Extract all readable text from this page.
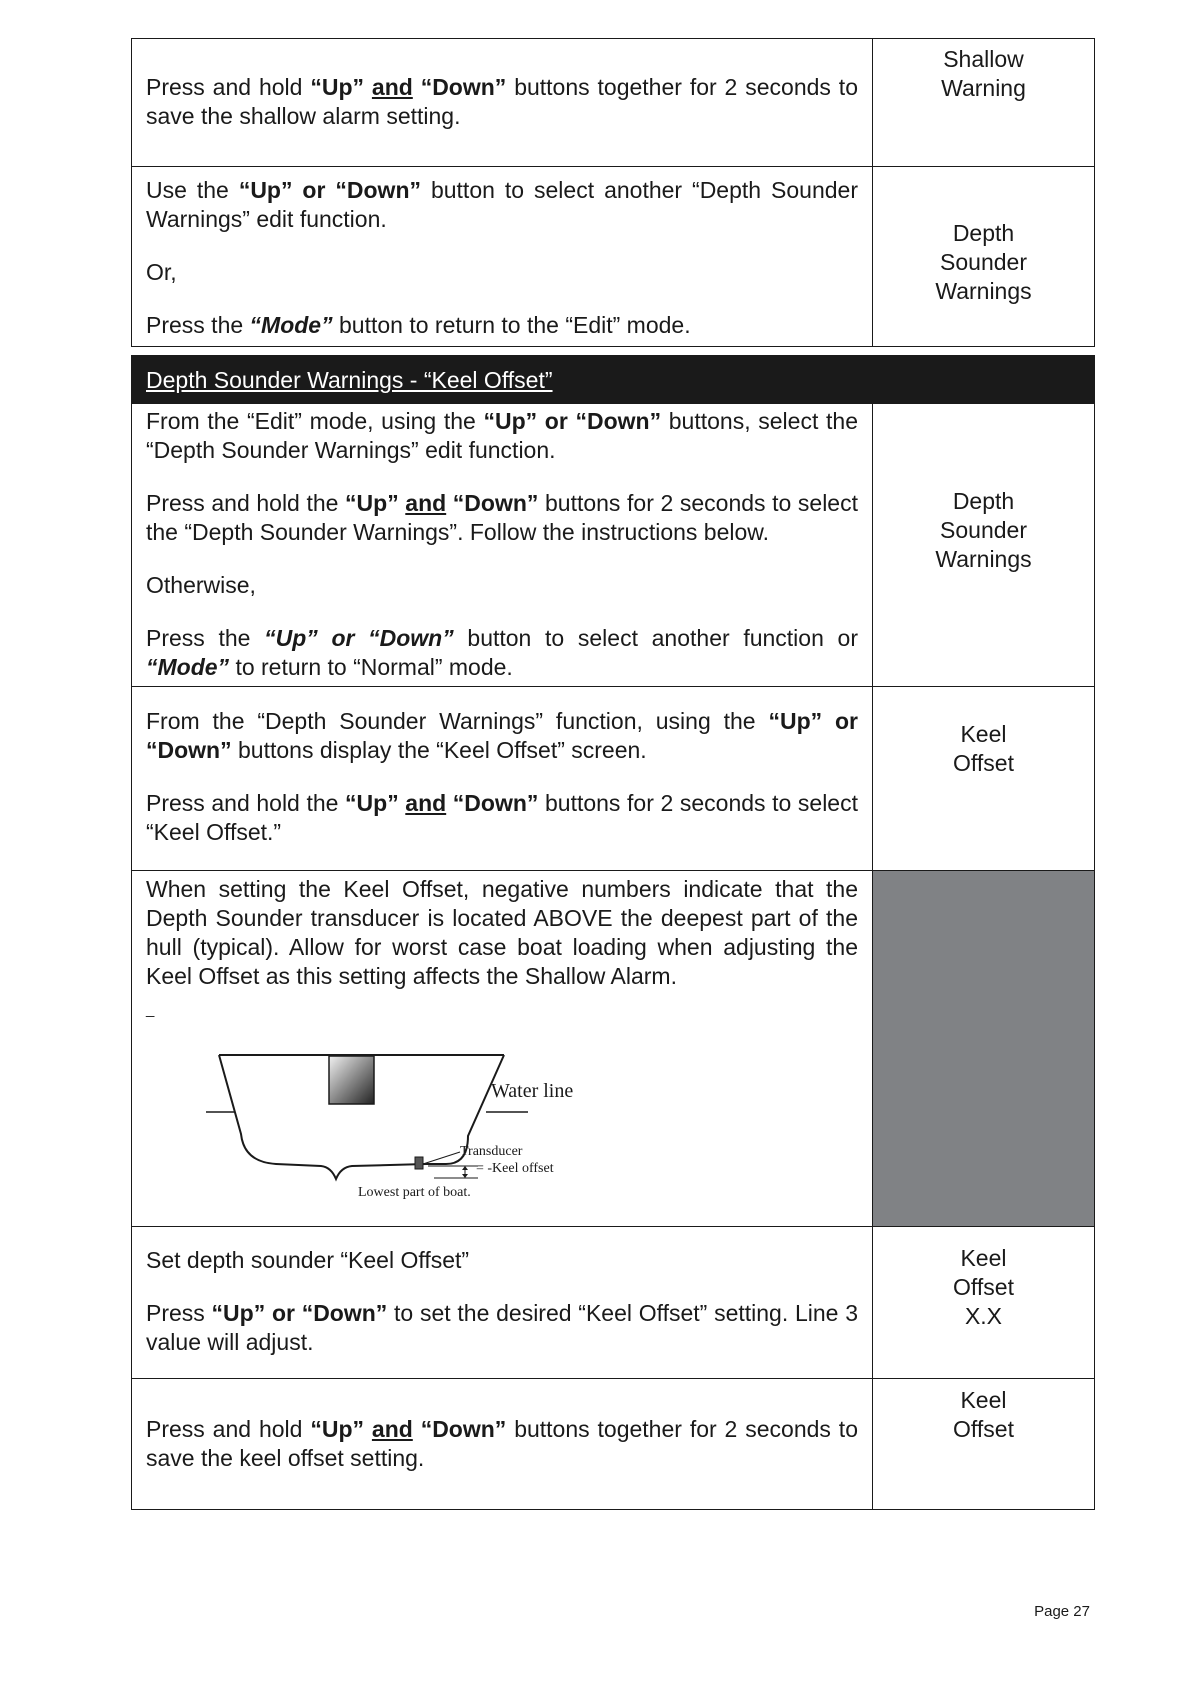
Press and hold “Up” and “Down” buttons together for 2 seconds to save the shallow alarm setting.

Shallow
Warning

Use the “Up” or “Down” button to select another “Depth Sounder Warnings” edit function.

Or,

Press the “Mode” button to return to the “Edit” mode.

Depth
Sounder
Warnings
Depth Sounder Warnings - “Keel Offset”

From the “Edit” mode, using the “Up” or “Down” buttons, select the “Depth Sounder Warnings” edit function.

Press and hold the “Up” and “Down” buttons for 2 seconds to select the “Depth Sounder Warnings”. Follow the instructions below.

Otherwise,

Press the “Up” or “Down” button to select another function or “Mode” to return to “Normal” mode.

Depth
Sounder
Warnings

From the “Depth Sounder Warnings” function, using the “Up” or “Down” buttons display the “Keel Offset” screen.

Press and hold the “Up” and “Down” buttons for 2 seconds to select “Keel Offset.”

Keel
Offset

When setting the Keel Offset, negative numbers indicate that the Depth Sounder transducer is located ABOVE the deepest part of the hull (typical). Allow for worst case boat loading when adjusting the Keel Offset as this setting affects the Shallow Alarm.

_

Water line
Transducer
= -Keel offset
Lowest part of boat.

Set depth sounder “Keel Offset”

Press “Up” or “Down” to set the desired “Keel Offset” setting. Line 3 value will adjust.

Keel
Offset
X.X

Press and hold “Up” and “Down” buttons together for 2 seconds to save the keel offset setting.

Keel
Offset
Page 27
